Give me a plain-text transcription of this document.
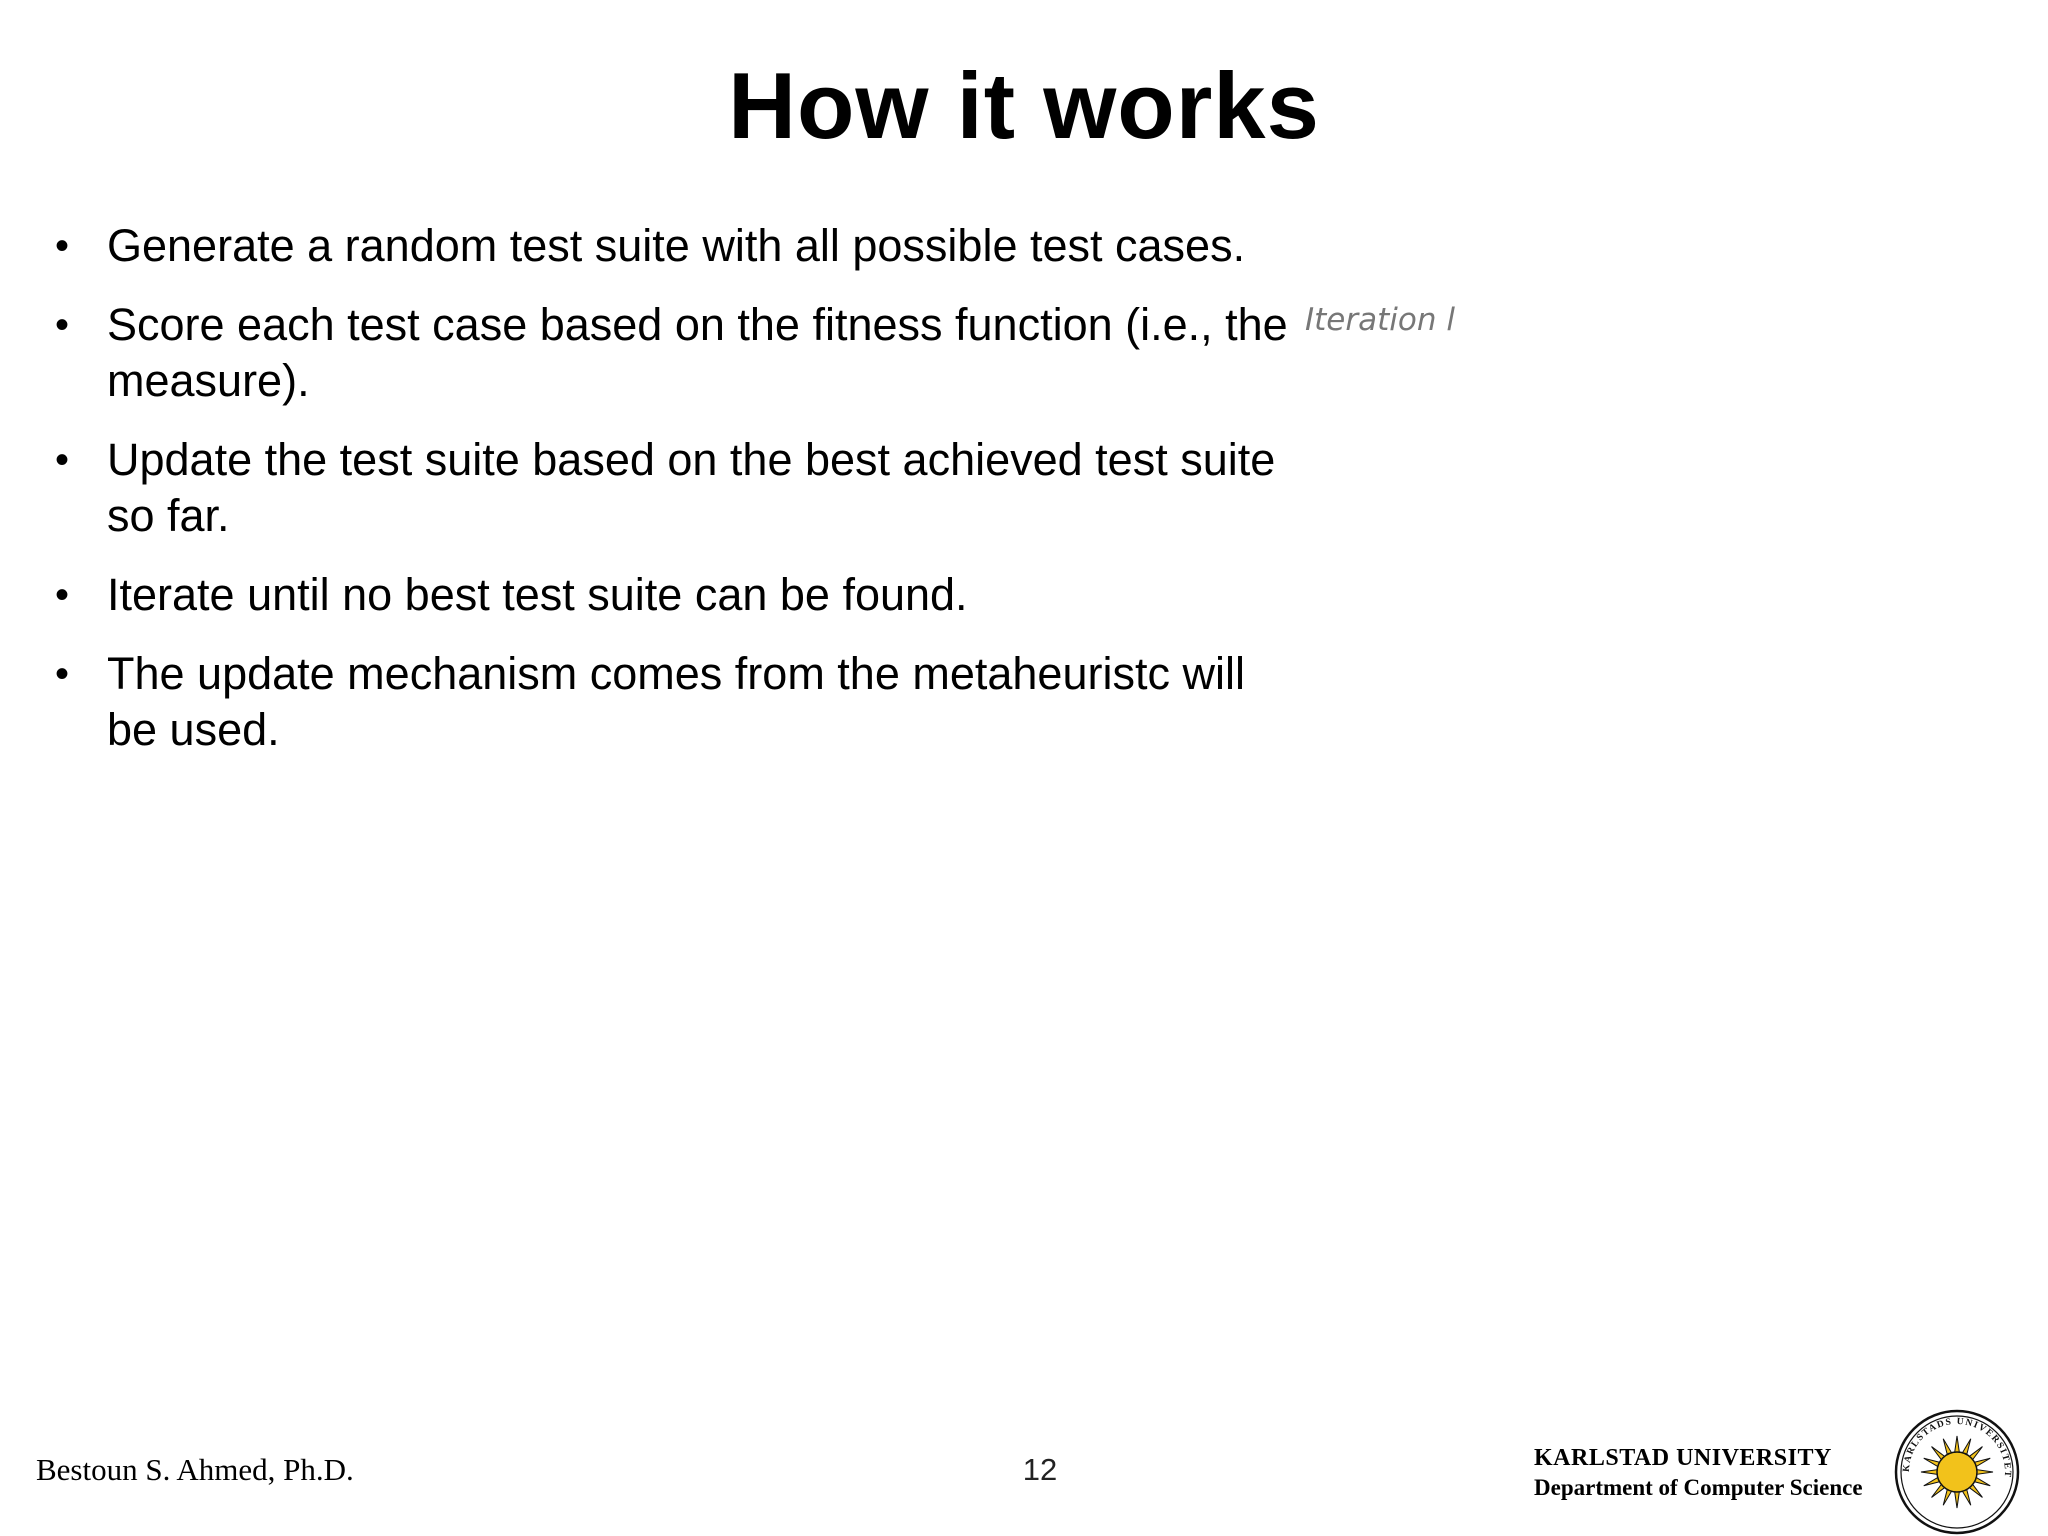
How it works
• Generate a random test suite with all possible test cases.
• Score each test case based on the fitness function (i.e., the measure).
• Update the test suite based on the best achieved test suite so far.
• Iterate until no best test suite can be found.
• The update mechanism comes from the metaheuristc will be used.
Iteration l
Bestoun S. Ahmed, Ph.D.	12	KARLSTAD UNIVERSITY
Department of Computer Science
KARLSTADS UNIVERSITET
